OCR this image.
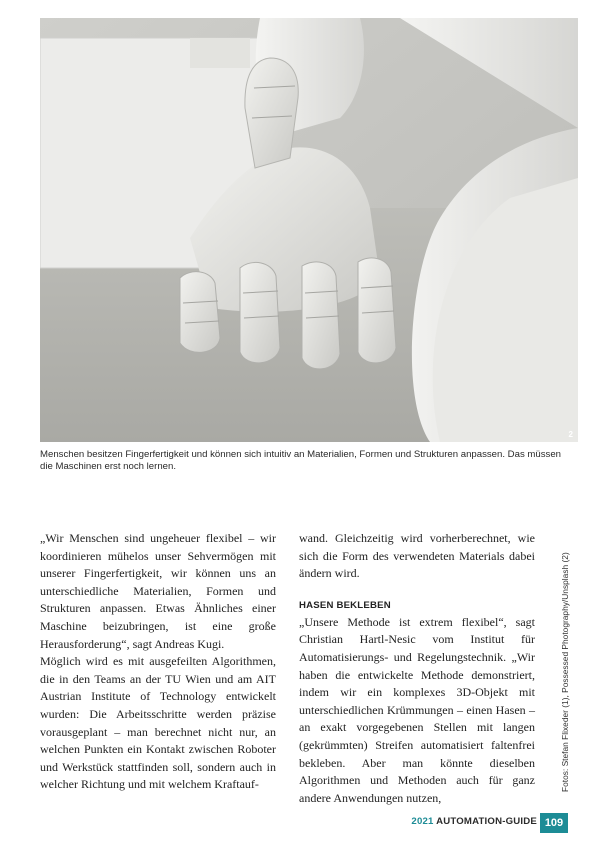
2
Menschen besitzen Fingerfertigkeit und können sich intuitiv an Materialien, Formen und Strukturen anpassen. Das müssen die Maschinen erst noch lernen.

„Wir Menschen sind ungeheuer flexibel – wir koordinieren mühelos unser Sehvermögen mit unserer Fingerfertigkeit, wir können uns an unterschiedliche Materialien, Formen und Strukturen anpassen. Etwas Ähnliches einer Maschine beizubringen, ist eine große Herausforderung“, sagt Andreas Kugi.

Möglich wird es mit ausgefeilten Algorithmen, die in den Teams an der TU Wien und am AIT Austrian Institute of Technology entwickelt wurden: Die Arbeitsschritte werden präzise vorausgeplant – man berechnet nicht nur, an welchen Punkten ein Kontakt zwischen Roboter und Werkstück stattfinden soll, sondern auch in welcher Richtung und mit welchem Kraftauf-

wand. Gleichzeitig wird vorherberechnet, wie sich die Form des verwendeten Materials dabei ändern wird.

HASEN BEKLEBEN

„Unsere Methode ist extrem flexibel“, sagt Christian Hartl-Nesic vom Institut für Automatisierungs- und Regelungstechnik. „Wir haben die entwickelte Methode demonstriert, indem wir ein komplexes 3D-Objekt mit unterschiedlichen Krümmungen – einen Hasen – an exakt vorgegebenen Stellen mit langen (gekrümmten) Streifen automatisiert faltenfrei bekleben. Aber man könnte dieselben Algorithmen und Methoden auch für ganz andere Anwendungen nutzen,

Fotos: Stefan Flixeder (1), Possessed Photography/Unsplash (2)
2021 AUTOMATION-GUIDE 109
